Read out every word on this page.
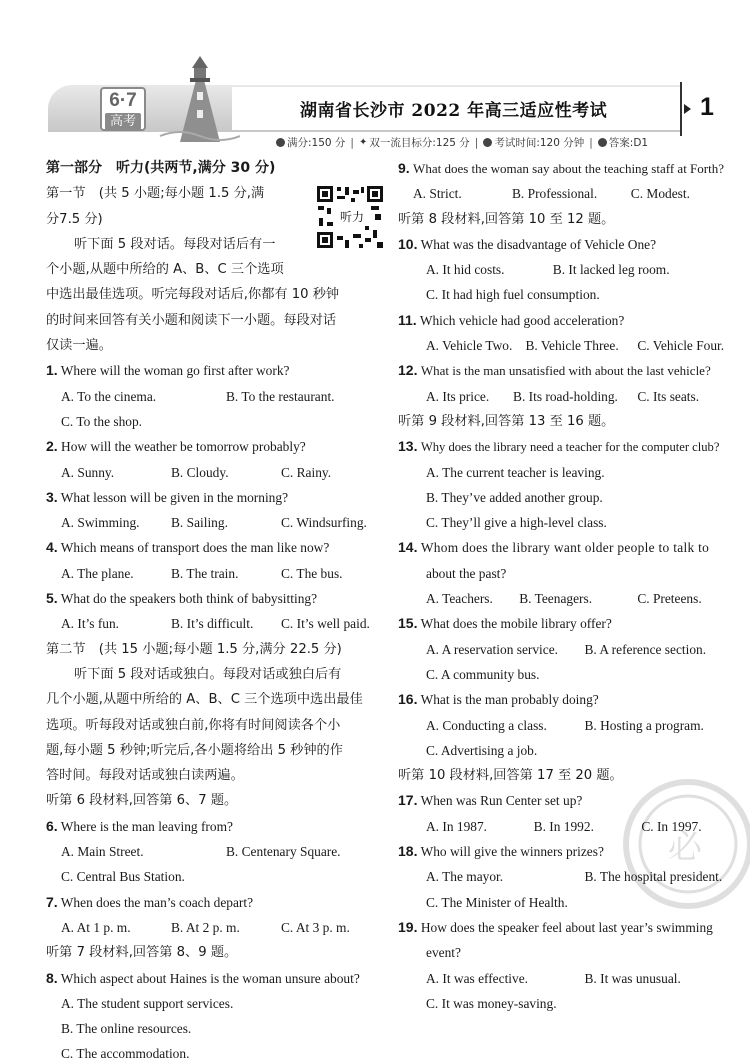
6·7
高考
湖南省长沙市 2022 年高三适应性考试	1
满分:150 分 | ✦ 双一流目标分:125 分 | 考试时间:120 分钟 | 答案:D1
听力
必
第一部分　听力(共两节,满分 30 分)
第一节　(共 5 小题;每小题 1.5 分,满
分7.5 分)
听下面 5 段对话。每段对话后有一
个小题,从题中所给的 A、B、C 三个选项
中选出最佳选项。听完每段对话后,你都有 10 秒钟
的时间来回答有关小题和阅读下一小题。每段对话
仅读一遍。
1. Where will the woman go first after work?
A. To the cinema.	B. To the restaurant.
C. To the shop.
2. How will the weather be tomorrow probably?
A. Sunny.	B. Cloudy.	C. Rainy.
3. What lesson will be given in the morning?
A. Swimming.	B. Sailing.	C. Windsurfing.
4. Which means of transport does the man like now?
A. The plane.	B. The train.	C. The bus.
5. What do the speakers both think of babysitting?
A. It’s fun.	B. It’s difficult.	C. It’s well paid.
第二节　(共 15 小题;每小题 1.5 分,满分 22.5 分)
听下面 5 段对话或独白。每段对话或独白后有
几个小题,从题中所给的 A、B、C 三个选项中选出最佳
选项。听每段对话或独白前,你将有时间阅读各个小
题,每小题 5 秒钟;听完后,各小题将给出 5 秒钟的作
答时间。每段对话或独白读两遍。
听第 6 段材料,回答第 6、7 题。
6. Where is the man leaving from?
A. Main Street.	B. Centenary Square.
C. Central Bus Station.
7. When does the man’s coach depart?
A. At 1 p. m.	B. At 2 p. m.	C. At 3 p. m.
听第 7 段材料,回答第 8、9 题。
8. Which aspect about Haines is the woman unsure about?
A. The student support services.
B. The online resources.
C. The accommodation.
9. What does the woman say about the teaching staff at Forth?
A. Strict.	B. Professional.	C. Modest.
听第 8 段材料,回答第 10 至 12 题。
10. What was the disadvantage of Vehicle One?
A. It hid costs.	B. It lacked leg room.
C. It had high fuel consumption.
11. Which vehicle had good acceleration?
A. Vehicle Two. B. Vehicle Three.	C. Vehicle Four.
12. What is the man unsatisfied with about the last vehicle?
A. Its price.	B. Its road-holding.	C. Its seats.
听第 9 段材料,回答第 13 至 16 题。
13. Why does the library need a teacher for the computer club?
A. The current teacher is leaving.
B. They’ve added another group.
C. They’ll give a high-level class.
14. Whom does the library want older people to talk to
about the past?
A. Teachers.	B. Teenagers.	C. Preteens.
15. What does the mobile library offer?
A. A reservation service.	B. A reference section.
C. A community bus.
16. What is the man probably doing?
A. Conducting a class.	B. Hosting a program.
C. Advertising a job.
听第 10 段材料,回答第 17 至 20 题。
17. When was Run Center set up?
A. In 1987.	B. In 1992.	C. In 1997.
18. Who will give the winners prizes?
A. The mayor.	B. The hospital president.
C. The Minister of Health.
19. How does the speaker feel about last year’s swimming
event?
A. It was effective.	B. It was unusual.
C. It was money-saving.
